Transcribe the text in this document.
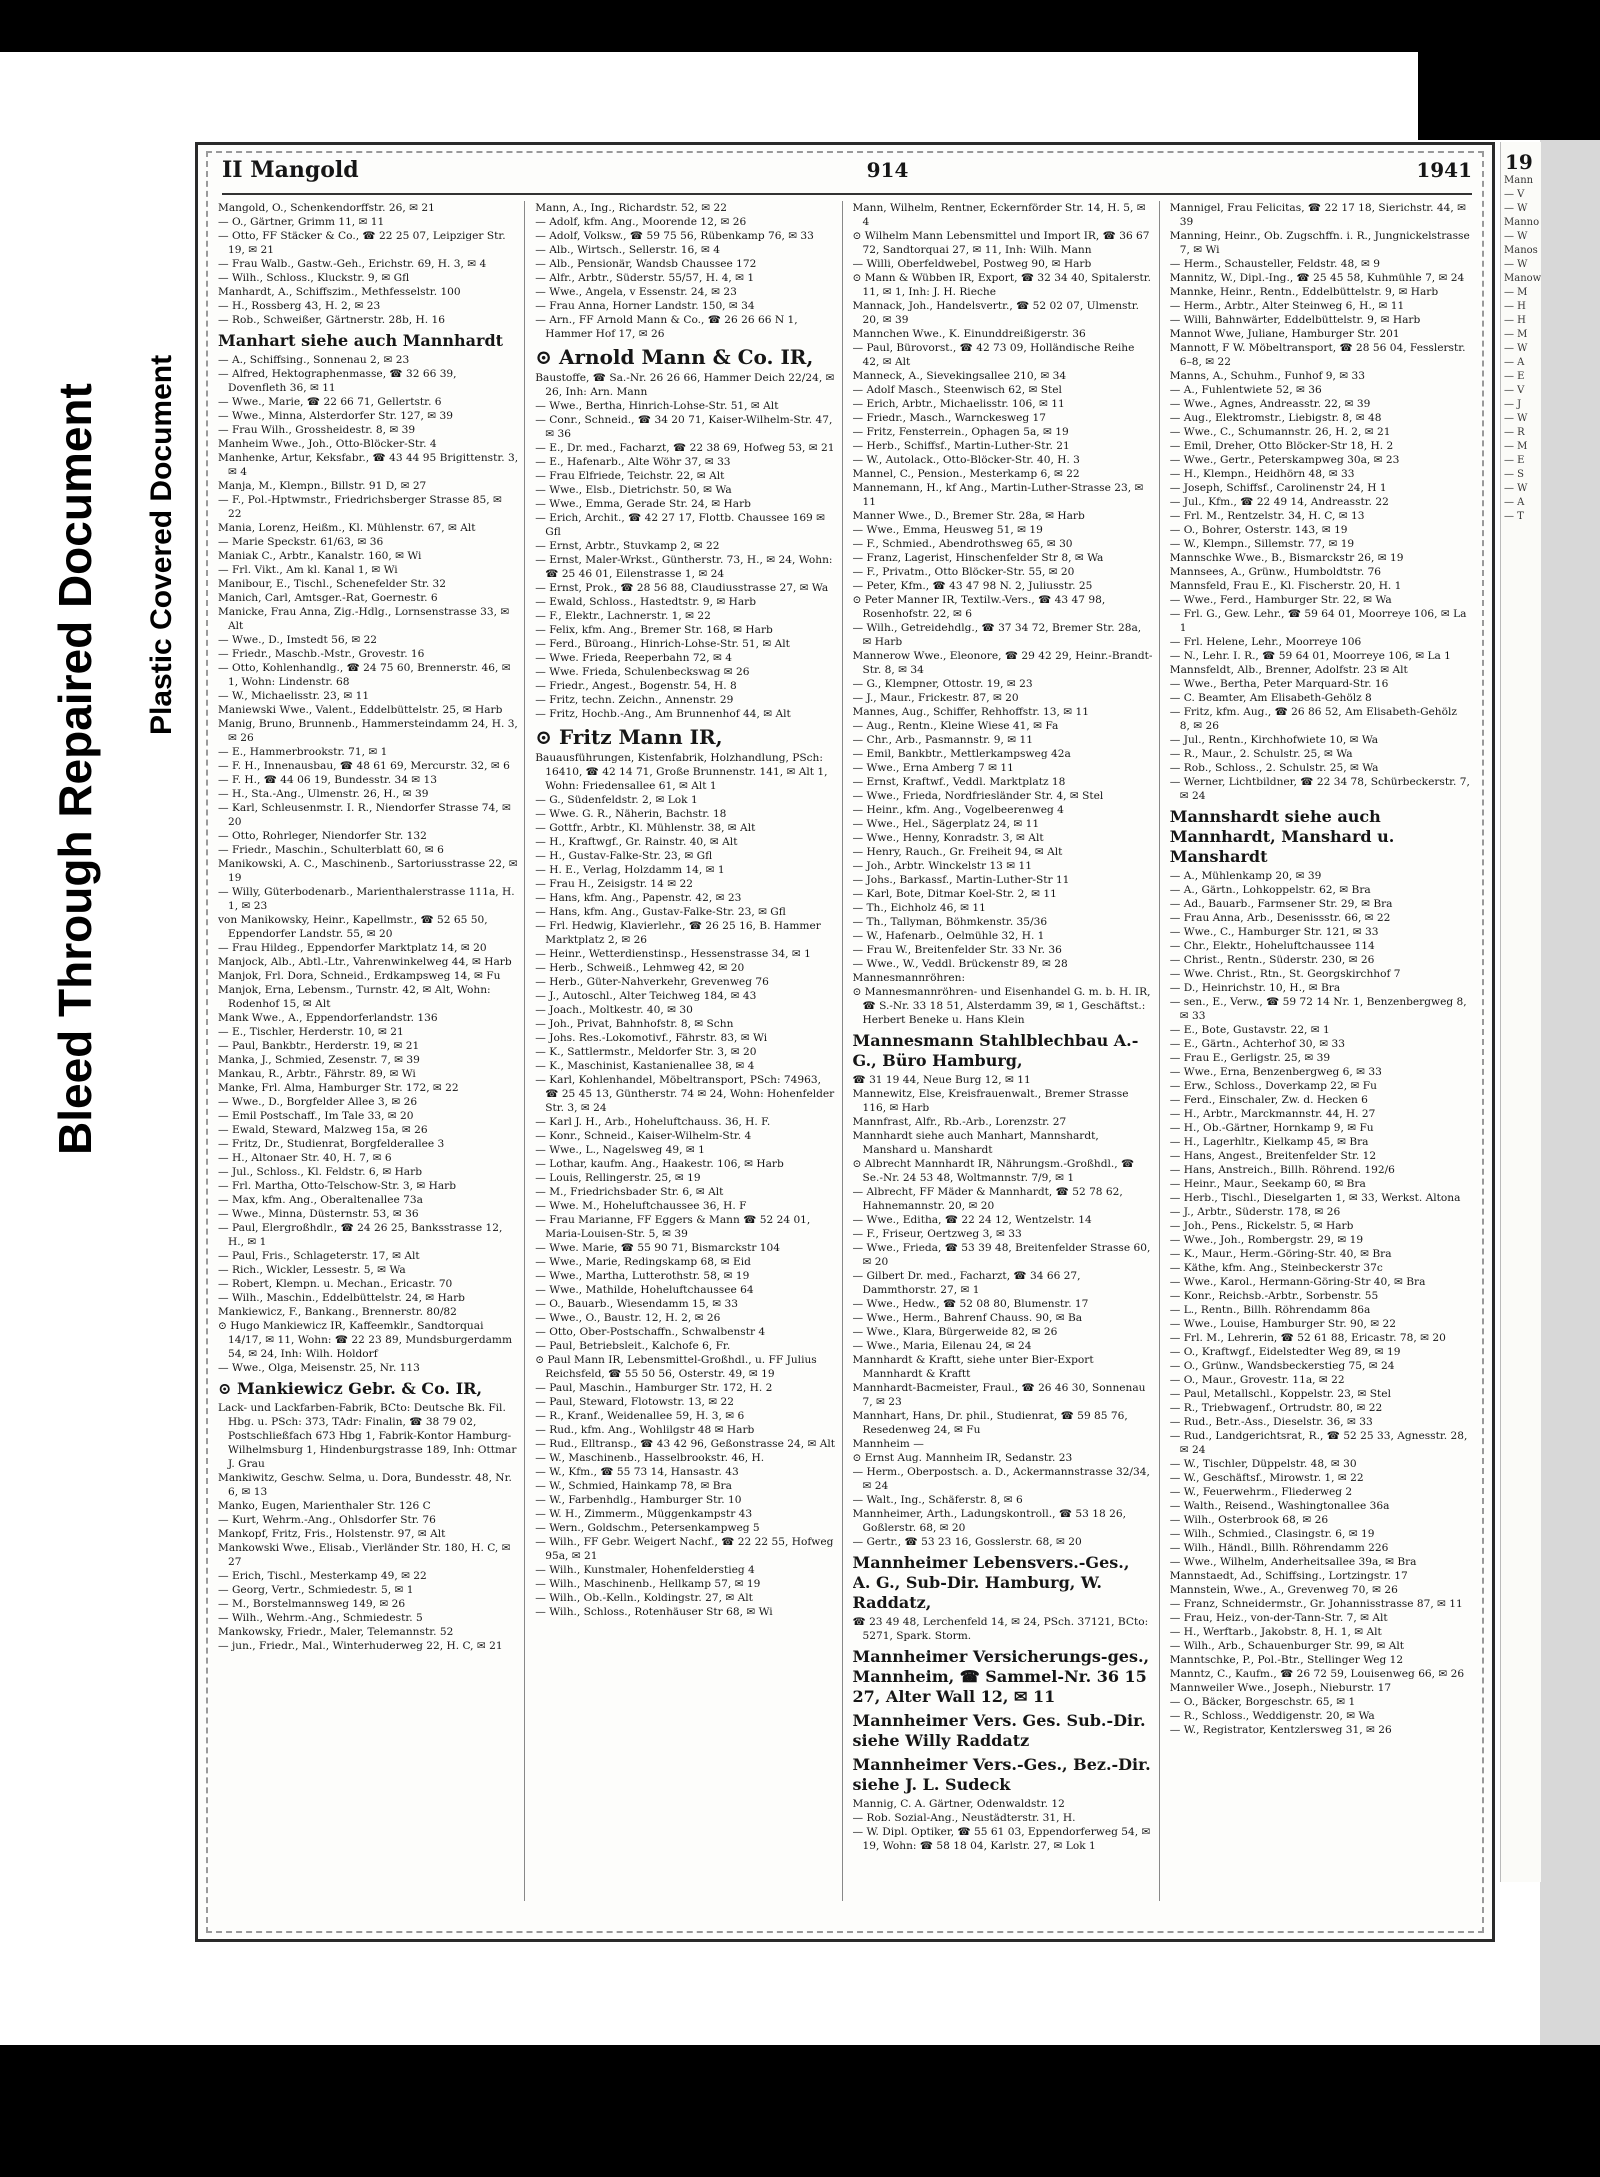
Bleed Through Repaired Document Plastic Covered Document
II Mangold	914	1941

Mangold, O., Schenkendorffstr. 26, ✉ 21

— O., Gärtner, Grimm 11, ✉ 11

— Otto, FF Stäcker & Co., ☎ 22 25 07, Leipziger Str. 19, ✉ 21

— Frau Walb., Gastw.-Geh., Erichstr. 69, H. 3, ✉ 4

— Wilh., Schloss., Kluckstr. 9, ✉ Gfl

Manhardt, A., Schiffszim., Methfesselstr. 100

— H., Rossberg 43, H. 2, ✉ 23

— Rob., Schweißer, Gärtnerstr. 28b, H. 16

Manhart siehe auch Mannhardt

— A., Schiffsing., Sonnenau 2, ✉ 23

— Alfred, Hektographenmasse, ☎ 32 66 39, Dovenfleth 36, ✉ 11

— Wwe., Marie, ☎ 22 66 71, Gellertstr. 6

— Wwe., Minna, Alsterdorfer Str. 127, ✉ 39

— Frau Wilh., Grossheidestr. 8, ✉ 39

Manheim Wwe., Joh., Otto-Blöcker-Str. 4

Manhenke, Artur, Keksfabr., ☎ 43 44 95 Brigittenstr. 3, ✉ 4

Manja, M., Klempn., Billstr. 91 D, ✉ 27

— F., Pol.-Hptwmstr., Friedrichsberger Strasse 85, ✉ 22

Mania, Lorenz, Heißm., Kl. Mühlenstr. 67, ✉ Alt

— Marie Speckstr. 61/63, ✉ 36

Maniak C., Arbtr., Kanalstr. 160, ✉ Wi

— Frl. Vikt., Am kl. Kanal 1, ✉ Wi

Manibour, E., Tischl., Schenefelder Str. 32

Manich, Carl, Amtsger.-Rat, Goernestr. 6

Manicke, Frau Anna, Zig.-Hdlg., Lornsenstrasse 33, ✉ Alt

— Wwe., D., Imstedt 56, ✉ 22

— Friedr., Maschb.-Mstr., Grovestr. 16

— Otto, Kohlenhandlg., ☎ 24 75 60, Brennerstr. 46, ✉ 1, Wohn: Lindenstr. 68

— W., Michaelisstr. 23, ✉ 11

Maniewski Wwe., Valent., Eddelbüttelstr. 25, ✉ Harb

Manig, Bruno, Brunnenb., Hammersteindamm 24, H. 3, ✉ 26

— E., Hammerbrookstr. 71, ✉ 1

— F. H., Innenausbau, ☎ 48 61 69, Mercurstr. 32, ✉ 6

— F. H., ☎ 44 06 19, Bundesstr. 34 ✉ 13

— H., Sta.-Ang., Ulmenstr. 26, H., ✉ 39

— Karl, Schleusenmstr. I. R., Niendorfer Strasse 74, ✉ 20

— Otto, Rohrleger, Niendorfer Str. 132

— Friedr., Maschin., Schulterblatt 60, ✉ 6

Manikowski, A. C., Maschinenb., Sartoriusstrasse 22, ✉ 19

— Willy, Güterbodenarb., Marienthalerstrasse 111a, H. 1, ✉ 23

von Manikowsky, Heinr., Kapellmstr., ☎ 52 65 50, Eppendorfer Landstr. 55, ✉ 20

— Frau Hildeg., Eppendorfer Marktplatz 14, ✉ 20

Manjock, Alb., Abtl.-Ltr., Vahrenwinkelweg 44, ✉ Harb

Manjok, Frl. Dora, Schneid., Erdkampsweg 14, ✉ Fu

Manjok, Erna, Lebensm., Turnstr. 42, ✉ Alt, Wohn: Rodenhof 15, ✉ Alt

Mank Wwe., A., Eppendorferlandstr. 136

— E., Tischler, Herderstr. 10, ✉ 21

— Paul, Bankbtr., Herderstr. 19, ✉ 21

Manka, J., Schmied, Zesenstr. 7, ✉ 39

Mankau, R., Arbtr., Fährstr. 89, ✉ Wi

Manke, Frl. Alma, Hamburger Str. 172, ✉ 22

— Wwe., D., Borgfelder Allee 3, ✉ 26

— Emil Postschaff., Im Tale 33, ✉ 20

— Ewald, Steward, Malzweg 15a, ✉ 26

— Fritz, Dr., Studienrat, Borgfelderallee 3

— H., Altonaer Str. 40, H. 7, ✉ 6

— Jul., Schloss., Kl. Feldstr. 6, ✉ Harb

— Frl. Martha, Otto-Telschow-Str. 3, ✉ Harb

— Max, kfm. Ang., Oberaltenallee 73a

— Wwe., Minna, Düsternstr. 53, ✉ 36

— Paul, Elergroßhdlr., ☎ 24 26 25, Banksstrasse 12, H., ✉ 1

— Paul, Fris., Schlageterstr. 17, ✉ Alt

— Rich., Wickler, Lessestr. 5, ✉ Wa

— Robert, Klempn. u. Mechan., Ericastr. 70

— Wilh., Maschin., Eddelbüttelstr. 24, ✉ Harb

Mankiewicz, F., Bankang., Brennerstr. 80/82

⊙ Hugo Mankiewicz IR, Kaffeemklr., Sandtorquai 14/17, ✉ 11, Wohn: ☎ 22 23 89, Mundsburgerdamm 54, ✉ 24, Inh: Wilh. Holdorf

— Wwe., Olga, Meisenstr. 25, Nr. 113

⊙ Mankiewicz Gebr. & Co. IR,

Lack- und Lackfarben-Fabrik, BCto: Deutsche Bk. Fil. Hbg. u. PSch: 373, TAdr: Finalin, ☎ 38 79 02, Postschließfach 673 Hbg 1, Fabrik-Kontor Hamburg-Wilhelmsburg 1, Hindenburgstrasse 189, Inh: Ottmar J. Grau

Mankiwitz, Geschw. Selma, u. Dora, Bundesstr. 48, Nr. 6, ✉ 13

Manko, Eugen, Marienthaler Str. 126 C

— Kurt, Wehrm.-Ang., Ohlsdorfer Str. 76

Mankopf, Fritz, Fris., Holstenstr. 97, ✉ Alt

Mankowski Wwe., Elisab., Vierländer Str. 180, H. C, ✉ 27

— Erich, Tischl., Mesterkamp 49, ✉ 22

— Georg, Vertr., Schmiedestr. 5, ✉ 1

— M., Borstelmannsweg 149, ✉ 26

— Wilh., Wehrm.-Ang., Schmiedestr. 5

Mankowsky, Friedr., Maler, Telemannstr. 52

— jun., Friedr., Mal., Winterhuderweg 22, H. C, ✉ 21

Mann, A., Ing., Richardstr. 52, ✉ 22

— Adolf, kfm. Ang., Moorende 12, ✉ 26

— Adolf, Volksw., ☎ 59 75 56, Rübenkamp 76, ✉ 33

— Alb., Wirtsch., Sellerstr. 16, ✉ 4

— Alb., Pensionär, Wandsb Chaussee 172

— Alfr., Arbtr., Süderstr. 55/57, H. 4, ✉ 1

— Wwe., Angela, v Essenstr. 24, ✉ 23

— Frau Anna, Horner Landstr. 150, ✉ 34

— Arn., FF Arnold Mann & Co., ☎ 26 26 66 N 1, Hammer Hof 17, ✉ 26

⊙ Arnold Mann & Co. IR,

Baustoffe, ☎ Sa.-Nr. 26 26 66, Hammer Deich 22/24, ✉ 26, Inh: Arn. Mann

— Wwe., Bertha, Hinrich-Lohse-Str. 51, ✉ Alt

— Conr., Schneid., ☎ 34 20 71, Kaiser-Wilhelm-Str. 47, ✉ 36

— E., Dr. med., Facharzt, ☎ 22 38 69, Hofweg 53, ✉ 21

— E., Hafenarb., Alte Wöhr 37, ✉ 33

— Frau Elfriede, Teichstr. 22, ✉ Alt

— Wwe., Elsb., Dietrichstr. 50, ✉ Wa

— Wwe., Emma, Gerade Str. 24, ✉ Harb

— Erich, Archit., ☎ 42 27 17, Flottb. Chaussee 169 ✉ Gfl

— Ernst, Arbtr., Stuvkamp 2, ✉ 22

— Ernst, Maler-Wrkst., Güntherstr. 73, H., ✉ 24, Wohn: ☎ 25 46 01, Eilenstrasse 1, ✉ 24

— Ernst, Prok., ☎ 28 56 88, Claudiusstrasse 27, ✉ Wa

— Ewald, Schloss., Hastedtstr. 9, ✉ Harb

— F., Elektr., Lachnerstr. 1, ✉ 22

— Felix, kfm. Ang., Bremer Str. 168, ✉ Harb

— Ferd., Büroang., Hinrich-Lohse-Str. 51, ✉ Alt

— Wwe. Frieda, Reeperbahn 72, ✉ 4

— Wwe. Frieda, Schulenbeckswag ✉ 26

— Friedr., Angest., Bogenstr. 54, H. 8

— Fritz, techn. Zeichn., Annenstr. 29

— Fritz, Hochb.-Ang., Am Brunnenhof 44, ✉ Alt

⊙ Fritz Mann IR,

Bauausführungen, Kistenfabrik, Holzhandlung, PSch: 16410, ☎ 42 14 71, Große Brunnenstr. 141, ✉ Alt 1, Wohn: Friedensallee 61, ✉ Alt 1

— G., Südenfeldstr. 2, ✉ Lok 1

— Wwe. G. R., Näherin, Bachstr. 18

— Gottfr., Arbtr., Kl. Mühlenstr. 38, ✉ Alt

— H., Kraftwgf., Gr. Rainstr. 40, ✉ Alt

— H., Gustav-Falke-Str. 23, ✉ Gfl

— H. E., Verlag, Holzdamm 14, ✉ 1

— Frau H., Zeisigstr. 14 ✉ 22

— Hans, kfm. Ang., Papenstr. 42, ✉ 23

— Hans, kfm. Ang., Gustav-Falke-Str. 23, ✉ Gfl

— Frl. Hedwig, Klavierlehr., ☎ 26 25 16, B. Hammer Marktplatz 2, ✉ 26

— Heinr., Wetterdienstinsp., Hessenstrasse 34, ✉ 1

— Herb., Schweiß., Lehmweg 42, ✉ 20

— Herb., Güter-Nahverkehr, Grevenweg 76

— J., Autoschl., Alter Teichweg 184, ✉ 43

— Joach., Moltkestr. 40, ✉ 30

— Joh., Privat, Bahnhofstr. 8, ✉ Schn

— Johs. Res.-Lokomotivf., Fährstr. 83, ✉ Wi

— K., Sattlermstr., Meldorfer Str. 3, ✉ 20

— K., Maschinist, Kastanienallee 38, ✉ 4

— Karl, Kohlenhandel, Möbeltransport, PSch: 74963, ☎ 25 45 13, Güntherstr. 74 ✉ 24, Wohn: Hohenfelder Str. 3, ✉ 24

— Karl J. H., Arb., Hoheluftchauss. 36, H. F.

— Konr., Schneid., Kaiser-Wilhelm-Str. 4

— Wwe., L., Nagelsweg 49, ✉ 1

— Lothar, kaufm. Ang., Haakestr. 106, ✉ Harb

— Louis, Rellingerstr. 25, ✉ 19

— M., Friedrichsbader Str. 6, ✉ Alt

— Wwe. M., Hoheluftchaussee 36, H. F

— Frau Marianne, FF Eggers & Mann ☎ 52 24 01, Maria-Louisen-Str. 5, ✉ 39

— Wwe. Marie, ☎ 55 90 71, Bismarckstr 104

— Wwe., Marie, Redingskamp 68, ✉ Eid

— Wwe., Martha, Lutterothstr. 58, ✉ 19

— Wwe., Mathilde, Hoheluftchaussee 64

— O., Bauarb., Wiesendamm 15, ✉ 33

— Wwe., O., Baustr. 12, H. 2, ✉ 26

— Otto, Ober-Postschaffn., Schwalbenstr 4

— Paul, Betriebsleit., Kalchofe 6, Fr.

⊙ Paul Mann IR, Lebensmittel-Großhdl., u. FF Julius Reichsfeld, ☎ 55 50 56, Osterstr. 49, ✉ 19

— Paul, Maschin., Hamburger Str. 172, H. 2

— Paul, Steward, Flotowstr. 13, ✉ 22

— R., Kranf., Weidenallee 59, H. 3, ✉ 6

— Rud., kfm. Ang., Wohlilgstr 48 ✉ Harb

— Rud., Elltransp., ☎ 43 42 96, Geßonstrasse 24, ✉ Alt

— W., Maschinenb., Hasselbrookstr. 46, H.

— W., Kfm., ☎ 55 73 14, Hansastr. 43

— W., Schmied, Hainkamp 78, ✉ Bra

— W., Farbenhdlg., Hamburger Str. 10

— W. H., Zimmerm., Müggenkampstr 43

— Wern., Goldschm., Petersenkampweg 5

— Wilh., FF Gebr. Weigert Nachf., ☎ 22 22 55, Hofweg 95a, ✉ 21

— Wilh., Kunstmaler, Hohenfelderstieg 4

— Wilh., Maschinenb., Hellkamp 57, ✉ 19

— Wilh., Ob.-Kelln., Koldingstr. 27, ✉ Alt

— Wilh., Schloss., Rotenhäuser Str 68, ✉ Wi

Mann, Wilhelm, Rentner, Eckernförder Str. 14, H. 5, ✉ 4

⊙ Wilhelm Mann Lebensmittel und Import IR, ☎ 36 67 72, Sandtorquai 27, ✉ 11, Inh: Wilh. Mann

— Willi, Oberfeldwebel, Postweg 90, ✉ Harb

⊙ Mann & Wübben IR, Export, ☎ 32 34 40, Spitalerstr. 11, ✉ 1, Inh: J. H. Rieche

Mannack, Joh., Handelsvertr., ☎ 52 02 07, Ulmenstr. 20, ✉ 39

Mannchen Wwe., K. Einunddreißigerstr. 36

— Paul, Bürovorst., ☎ 42 73 09, Holländische Reihe 42, ✉ Alt

Manneck, A., Sievekingsallee 210, ✉ 34

— Adolf Masch., Steenwisch 62, ✉ Stel

— Erich, Arbtr., Michaelisstr. 106, ✉ 11

— Friedr., Masch., Warnckesweg 17

— Fritz, Fensterrein., Ophagen 5a, ✉ 19

— Herb., Schiffsf., Martin-Luther-Str. 21

— W., Autolack., Otto-Blöcker-Str. 40, H. 3

Mannel, C., Pension., Mesterkamp 6, ✉ 22

Mannemann, H., kf Ang., Martin-Luther-Strasse 23, ✉ 11

Manner Wwe., D., Bremer Str. 28a, ✉ Harb

— Wwe., Emma, Heusweg 51, ✉ 19

— F., Schmied., Abendrothsweg 65, ✉ 30

— Franz, Lagerist, Hinschenfelder Str 8, ✉ Wa

— F., Privatm., Otto Blöcker-Str. 55, ✉ 20

— Peter, Kfm., ☎ 43 47 98 N. 2, Juliusstr. 25

⊙ Peter Manner IR, Textilw.-Vers., ☎ 43 47 98, Rosenhofstr. 22, ✉ 6

— Wilh., Getreidehdlg., ☎ 37 34 72, Bremer Str. 28a, ✉ Harb

Mannerow Wwe., Eleonore, ☎ 29 42 29, Heinr.-Brandt-Str. 8, ✉ 34

— G., Klempner, Ottostr. 19, ✉ 23

— J., Maur., Frickestr. 87, ✉ 20

Mannes, Aug., Schiffer, Rehhoffstr. 13, ✉ 11

— Aug., Rentn., Kleine Wiese 41, ✉ Fa

— Chr., Arb., Pasmannstr. 9, ✉ 11

— Emil, Bankbtr., Mettlerkampsweg 42a

— Wwe., Erna Amberg 7 ✉ 11

— Ernst, Kraftwf., Veddl. Marktplatz 18

— Wwe., Frieda, Nordfriesländer Str. 4, ✉ Stel

— Heinr., kfm. Ang., Vogelbeerenweg 4

— Wwe., Hel., Sägerplatz 24, ✉ 11

— Wwe., Henny, Konradstr. 3, ✉ Alt

— Henry, Rauch., Gr. Freiheit 94, ✉ Alt

— Joh., Arbtr. Winckelstr 13 ✉ 11

— Johs., Barkassf., Martin-Luther-Str 11

— Karl, Bote, Ditmar Koel-Str. 2, ✉ 11

— Th., Eichholz 46, ✉ 11

— Th., Tallyman, Böhmkenstr. 35/36

— W., Hafenarb., Oelmühle 32, H. 1

— Frau W., Breitenfelder Str. 33 Nr. 36

— Wwe., W., Veddl. Brückenstr 89, ✉ 28

Mannesmannröhren:

⊙ Mannesmannröhren- und Eisenhandel G. m. b. H. IR, ☎ S.-Nr. 33 18 51, Alsterdamm 39, ✉ 1, Geschäftst.: Herbert Beneke u. Hans Klein

Mannesmann Stahlblechbau A.-G., Büro Hamburg,

☎ 31 19 44, Neue Burg 12, ✉ 11

Mannewitz, Else, Kreisfrauenwalt., Bremer Strasse 116, ✉ Harb

Mannfrast, Alfr., Rb.-Arb., Lorenzstr. 27

Mannhardt siehe auch Manhart, Mannshardt, Manshard u. Manshardt

⊙ Albrecht Mannhardt IR, Nährungsm.-Großhdl., ☎ Se.-Nr. 24 53 48, Woltmannstr. 7/9, ✉ 1

— Albrecht, FF Mäder & Mannhardt, ☎ 52 78 62, Hahnemannstr. 20, ✉ 20

— Wwe., Editha, ☎ 22 24 12, Wentzelstr. 14

— F., Friseur, Oertzweg 3, ✉ 33

— Wwe., Frieda, ☎ 53 39 48, Breitenfelder Strasse 60, ✉ 20

— Gilbert Dr. med., Facharzt, ☎ 34 66 27, Dammthorstr. 27, ✉ 1

— Wwe., Hedw., ☎ 52 08 80, Blumenstr. 17

— Wwe., Herm., Bahrenf Chauss. 90, ✉ Ba

— Wwe., Klara, Bürgerweide 82, ✉ 26

— Wwe., Maria, Eilenau 24, ✉ 24

Mannhardt & Kraftt, siehe unter Bier-Export Mannhardt & Kraftt

Mannhardt-Bacmeister, Fraul., ☎ 26 46 30, Sonnenau 7, ✉ 23

Mannhart, Hans, Dr. phil., Studienrat, ☎ 59 85 76, Resedenweg 24, ✉ Fu

Mannheim —

⊙ Ernst Aug. Mannheim IR, Sedanstr. 23

— Herm., Oberpostsch. a. D., Ackermannstrasse 32/34, ✉ 24

— Walt., Ing., Schäferstr. 8, ✉ 6

Mannheimer, Arth., Ladungskontroll., ☎ 53 18 26, Goßlerstr. 68, ✉ 20

— Gertr., ☎ 53 23 16, Gosslerstr. 68, ✉ 20

Mannheimer Lebensvers.-Ges., A. G., Sub-Dir. Hamburg, W. Raddatz,

☎ 23 49 48, Lerchenfeld 14, ✉ 24, PSch. 37121, BCto: 5271, Spark. Storm.

Mannheimer Versicherungs-ges., Mannheim, ☎ Sammel-Nr. 36 15 27, Alter Wall 12, ✉ 11

Mannheimer Vers. Ges. Sub.-Dir. siehe Willy Raddatz

Mannheimer Vers.-Ges., Bez.-Dir. siehe J. L. Sudeck

Mannig, C. A. Gärtner, Odenwaldstr. 12

— Rob. Sozial-Ang., Neustädterstr. 31, H.

— W. Dipl. Optiker, ☎ 55 61 03, Eppendorferweg 54, ✉ 19, Wohn: ☎ 58 18 04, Karlstr. 27, ✉ Lok 1

Mannigel, Frau Felicitas, ☎ 22 17 18, Sierichstr. 44, ✉ 39

Manning, Heinr., Ob. Zugschffn. i. R., Jungnickelstrasse 7, ✉ Wi

— Herm., Schausteller, Feldstr. 48, ✉ 9

Mannitz, W., Dipl.-Ing., ☎ 25 45 58, Kuhmühle 7, ✉ 24

Mannke, Heinr., Rentn., Eddelbüttelstr. 9, ✉ Harb

— Herm., Arbtr., Alter Steinweg 6, H., ✉ 11

— Willi, Bahnwärter, Eddelbüttelstr. 9, ✉ Harb

Mannot Wwe, Juliane, Hamburger Str. 201

Mannott, F W. Möbeltransport, ☎ 28 56 04, Fesslerstr. 6–8, ✉ 22

Manns, A., Schuhm., Funhof 9, ✉ 33

— A., Fuhlentwiete 52, ✉ 36

— Wwe., Agnes, Andreasstr. 22, ✉ 39

— Aug., Elektromstr., Liebigstr. 8, ✉ 48

— Wwe., C., Schumannstr. 26, H. 2, ✉ 21

— Emil, Dreher, Otto Blöcker-Str 18, H. 2

— Wwe., Gertr., Peterskampweg 30a, ✉ 23

— H., Klempn., Heidhörn 48, ✉ 33

— Joseph, Schiffsf., Carolinenstr 24, H 1

— Jul., Kfm., ☎ 22 49 14, Andreasstr. 22

— Frl. M., Rentzelstr. 34, H. C, ✉ 13

— O., Bohrer, Osterstr. 143, ✉ 19

— W., Klempn., Sillemstr. 77, ✉ 19

Mannschke Wwe., B., Bismarckstr 26, ✉ 19

Mannsees, A., Grünw., Humboldtstr. 76

Mannsfeld, Frau E., Kl. Fischerstr. 20, H. 1

— Wwe., Ferd., Hamburger Str. 22, ✉ Wa

— Frl. G., Gew. Lehr., ☎ 59 64 01, Moorreye 106, ✉ La 1

— Frl. Helene, Lehr., Moorreye 106

— N., Lehr. I. R., ☎ 59 64 01, Moorreye 106, ✉ La 1

Mannsfeldt, Alb., Brenner, Adolfstr. 23 ✉ Alt

— Wwe., Bertha, Peter Marquard-Str. 16

— C. Beamter, Am Elisabeth-Gehölz 8

— Fritz, kfm. Aug., ☎ 26 86 52, Am Elisabeth-Gehölz 8, ✉ 26

— Jul., Rentn., Kirchhofwiete 10, ✉ Wa

— R., Maur., 2. Schulstr. 25, ✉ Wa

— Rob., Schloss., 2. Schulstr. 25, ✉ Wa

— Werner, Lichtbildner, ☎ 22 34 78, Schürbeckerstr. 7, ✉ 24

Mannshardt siehe auch Mannhardt, Manshard u. Manshardt

— A., Mühlenkamp 20, ✉ 39

— A., Gärtn., Lohkoppelstr. 62, ✉ Bra

— Ad., Bauarb., Farmsener Str. 29, ✉ Bra

— Frau Anna, Arb., Desenissstr. 66, ✉ 22

— Wwe., C., Hamburger Str. 121, ✉ 33

— Chr., Elektr., Hoheluftchaussee 114

— Christ., Rentn., Süderstr. 230, ✉ 26

— Wwe. Christ., Rtn., St. Georgskirchhof 7

— D., Heinrichstr. 10, H., ✉ Bra

— sen., E., Verw., ☎ 59 72 14 Nr. 1, Benzenbergweg 8, ✉ 33

— E., Bote, Gustavstr. 22, ✉ 1

— E., Gärtn., Achterhof 30, ✉ 33

— Frau E., Gerligstr. 25, ✉ 39

— Wwe., Erna, Benzenbergweg 6, ✉ 33

— Erw., Schloss., Doverkamp 22, ✉ Fu

— Ferd., Einschaler, Zw. d. Hecken 6

— H., Arbtr., Marckmannstr. 44, H. 27

— H., Ob.-Gärtner, Hornkamp 9, ✉ Fu

— H., Lagerhltr., Kielkamp 45, ✉ Bra

— Hans, Angest., Breitenfelder Str. 12

— Hans, Anstreich., Billh. Röhrend. 192/6

— Heinr., Maur., Seekamp 60, ✉ Bra

— Herb., Tischl., Dieselgarten 1, ✉ 33, Werkst. Altona

— J., Arbtr., Süderstr. 178, ✉ 26

— Joh., Pens., Rickelstr. 5, ✉ Harb

— Wwe., Joh., Rombergstr. 29, ✉ 19

— K., Maur., Herm.-Göring-Str. 40, ✉ Bra

— Käthe, kfm. Ang., Steinbeckerstr 37c

— Wwe., Karol., Hermann-Göring-Str 40, ✉ Bra

— Konr., Reichsb.-Arbtr., Sorbenstr. 55

— L., Rentn., Billh. Röhrendamm 86a

— Wwe., Louise, Hamburger Str. 90, ✉ 22

— Frl. M., Lehrerin, ☎ 52 61 88, Ericastr. 78, ✉ 20

— O., Kraftwgf., Eidelstedter Weg 89, ✉ 19

— O., Grünw., Wandsbeckerstieg 75, ✉ 24

— O., Maur., Grovestr. 11a, ✉ 22

— Paul, Metallschl., Koppelstr. 23, ✉ Stel

— R., Triebwagenf., Ortrudstr. 80, ✉ 22

— Rud., Betr.-Ass., Dieselstr. 36, ✉ 33

— Rud., Landgerichtsrat, R., ☎ 52 25 33, Agnesstr. 28, ✉ 24

— W., Tischler, Düppelstr. 48, ✉ 30

— W., Geschäftsf., Mirowstr. 1, ✉ 22

— W., Feuerwehrm., Fliederweg 2

— Walth., Reisend., Washingtonallee 36a

— Wilh., Osterbrook 68, ✉ 26

— Wilh., Schmied., Clasingstr. 6, ✉ 19

— Wilh., Händl., Billh. Röhrendamm 226

— Wwe., Wilhelm, Anderheitsallee 39a, ✉ Bra

Mannstaedt, Ad., Schiffsing., Lortzingstr. 17

Mannstein, Wwe., A., Grevenweg 70, ✉ 26

— Franz, Schneidermstr., Gr. Johannisstrasse 87, ✉ 11

— Frau, Heiz., von-der-Tann-Str. 7, ✉ Alt

— H., Werftarb., Jakobstr. 8, H. 1, ✉ Alt

— Wilh., Arb., Schauenburger Str. 99, ✉ Alt

Manntschke, P., Pol.-Btr., Stellinger Weg 12

Manntz, C., Kaufm., ☎ 26 72 59, Louisenweg 66, ✉ 26

Mannweiler Wwe., Joseph., Nieburstr. 17

— O., Bäcker, Borgeschstr. 65, ✉ 1

— R., Schloss., Weddigenstr. 20, ✉ Wa

— W., Registrator, Kentzlersweg 31, ✉ 26

19
Mann
— V
— W
Manno
— W
Manos
— W
Manow
— M
— H
— H
— M
— W
— A
— E
— V
— J
— W
— R
— M
— E
— S
— W
— A
— T
